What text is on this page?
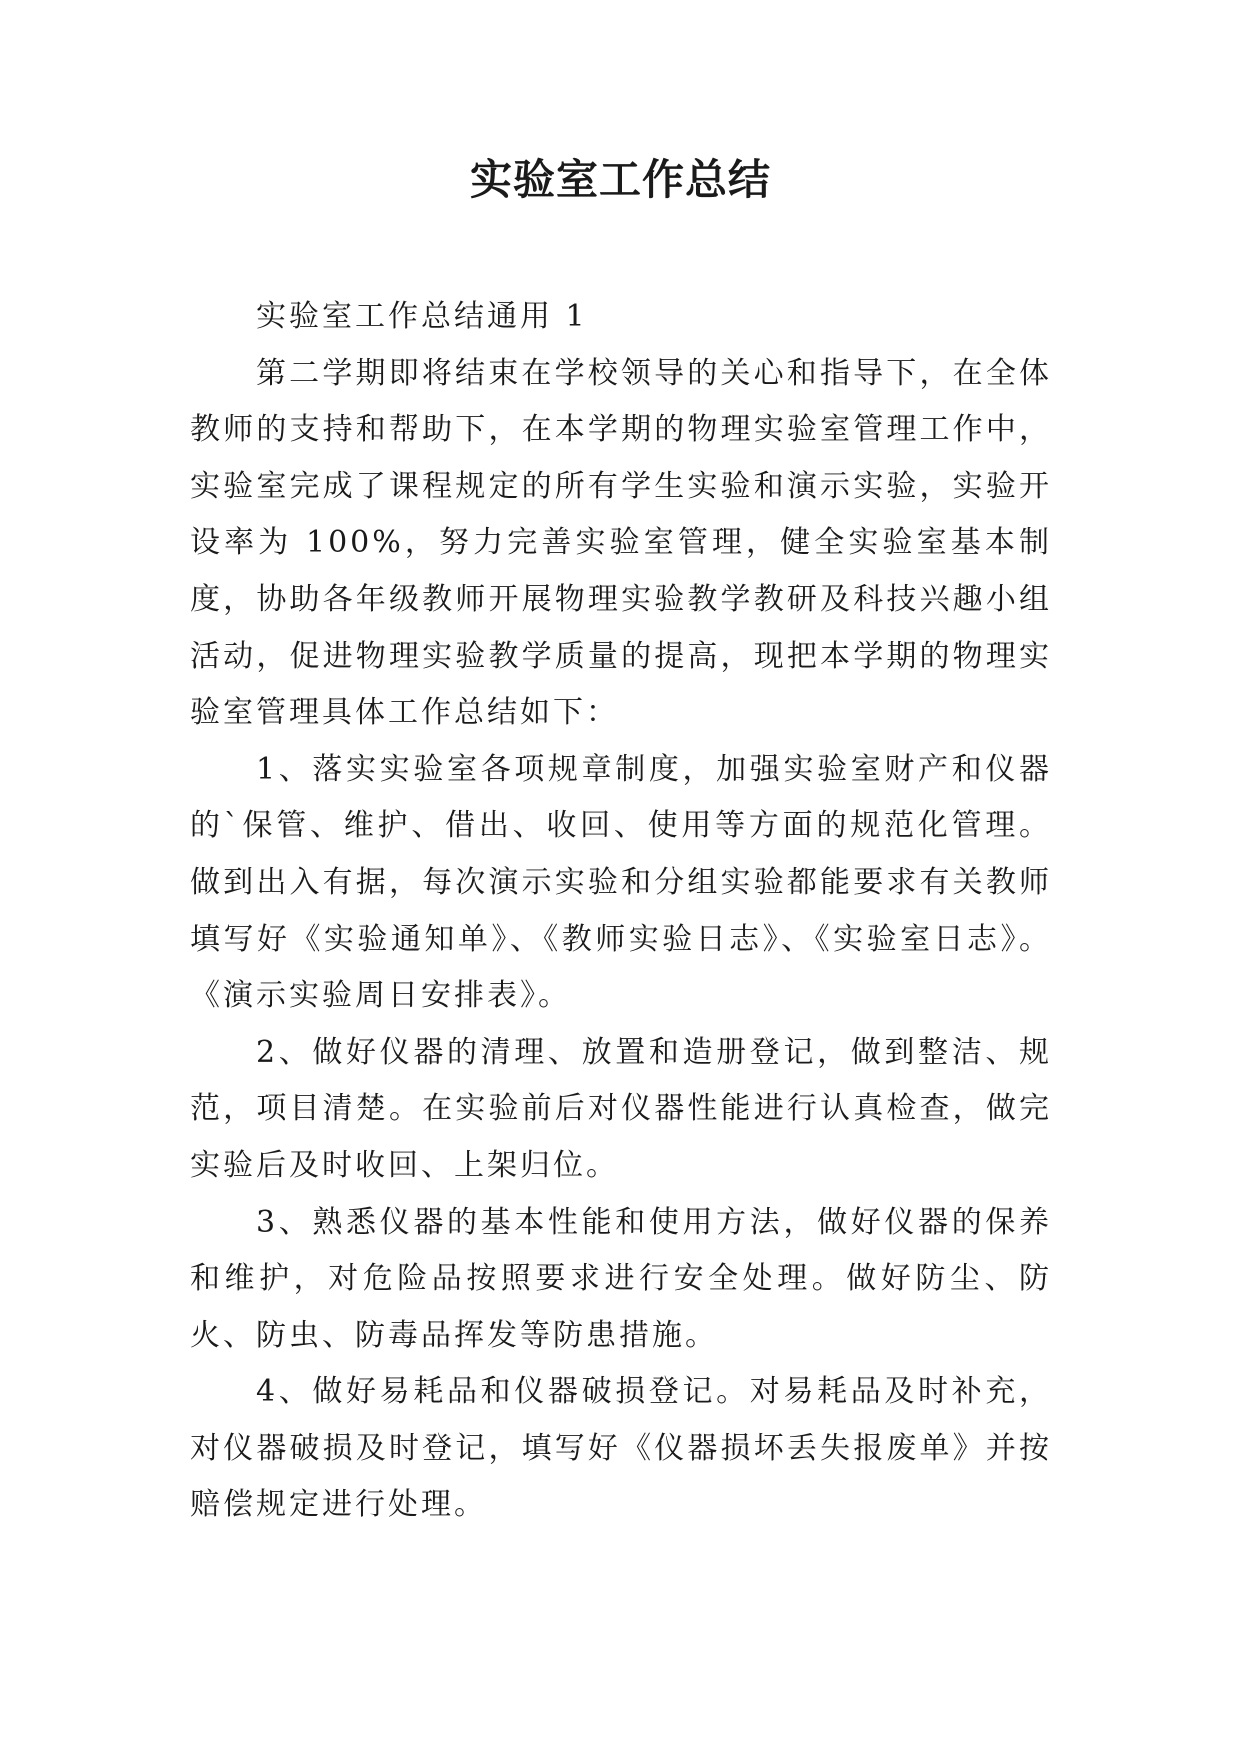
实验室工作总结

实验室工作总结通用 1

第二学期即将结束在学校领导的关心和指导下，在全体教师的支持和帮助下，在本学期的物理实验室管理工作中，实验室完成了课程规定的所有学生实验和演示实验，实验开设率为 100%，努力完善实验室管理，健全实验室基本制度，协助各年级教师开展物理实验教学教研及科技兴趣小组活动，促进物理实验教学质量的提高，现把本学期的物理实验室管理具体工作总结如下：

1、落实实验室各项规章制度，加强实验室财产和仪器的`保管、维护、借出、收回、使用等方面的规范化管理。做到出入有据，每次演示实验和分组实验都能要求有关教师填写好《实验通知单》、《教师实验日志》、《实验室日志》。《演示实验周日安排表》。

2、做好仪器的清理、放置和造册登记，做到整洁、规范，项目清楚。在实验前后对仪器性能进行认真检查，做完实验后及时收回、上架归位。

3、熟悉仪器的基本性能和使用方法，做好仪器的保养和维护，对危险品按照要求进行安全处理。做好防尘、防火、防虫、防毒品挥发等防患措施。

4、做好易耗品和仪器破损登记。对易耗品及时补充，对仪器破损及时登记，填写好《仪器损坏丢失报废单》并按赔偿规定进行处理。
